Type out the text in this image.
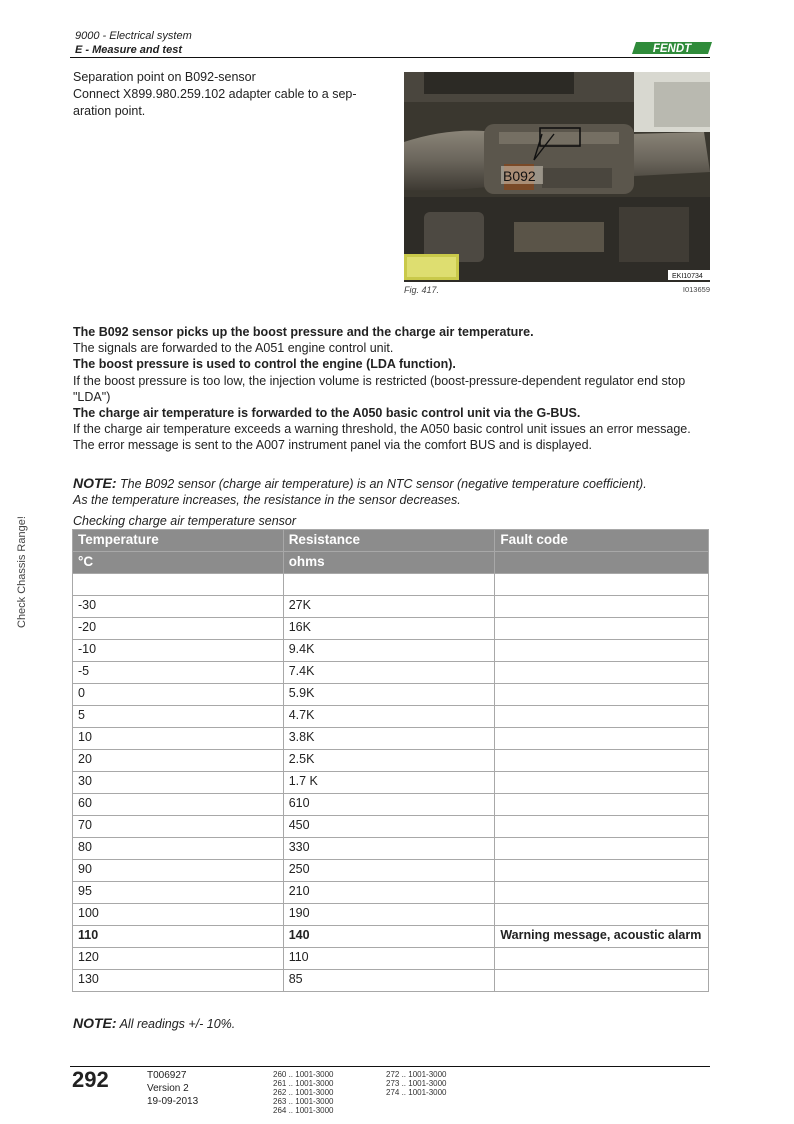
9000 - Electrical system
E - Measure and test	FENDT
Separation point on B092-sensor
Connect X899.980.259.102 adapter cable to a sep-
aration point.
B092
EKI10734
Fig. 417.	I013659

The B092 sensor picks up the boost pressure and the charge air temperature.

The signals are forwarded to the A051 engine control unit.

The boost pressure is used to control the engine (LDA function).

If the boost pressure is too low, the injection volume is restricted (boost-pressure-dependent regulator end stop "LDA")

The charge air temperature is forwarded to the A050 basic control unit via the G-BUS.

If the charge air temperature exceeds a warning threshold, the A050 basic control unit issues an error message.

The error message is sent to the A007 instrument panel via the comfort BUS and is displayed.

NOTE: The B092 sensor (charge air temperature) is an NTC sensor (negative temperature coefficient).
As the temperature increases, the resistance in the sensor decreases.
Checking charge air temperature sensor
Temperature	Resistance	Fault code
°C	ohms	

-30	27K	
-20	16K	
-10	9.4K	
-5	7.4K	
0	5.9K	
5	4.7K	
10	3.8K	
20	2.5K	
30	1.7 K	
60	610	
70	450	
80	330	
90	250	
95	210	
100	190	
110	140	Warning message, acoustic alarm
120	110	
130	85	
NOTE: All readings +/- 10%.
Check Chassis Range!
292	T006927
Version 2
19-09-2013
260 .. 1001-3000
261 .. 1001-3000
262 .. 1001-3000
263 .. 1001-3000
264 .. 1001-3000
272 .. 1001-3000
273 .. 1001-3000
274 .. 1001-3000
